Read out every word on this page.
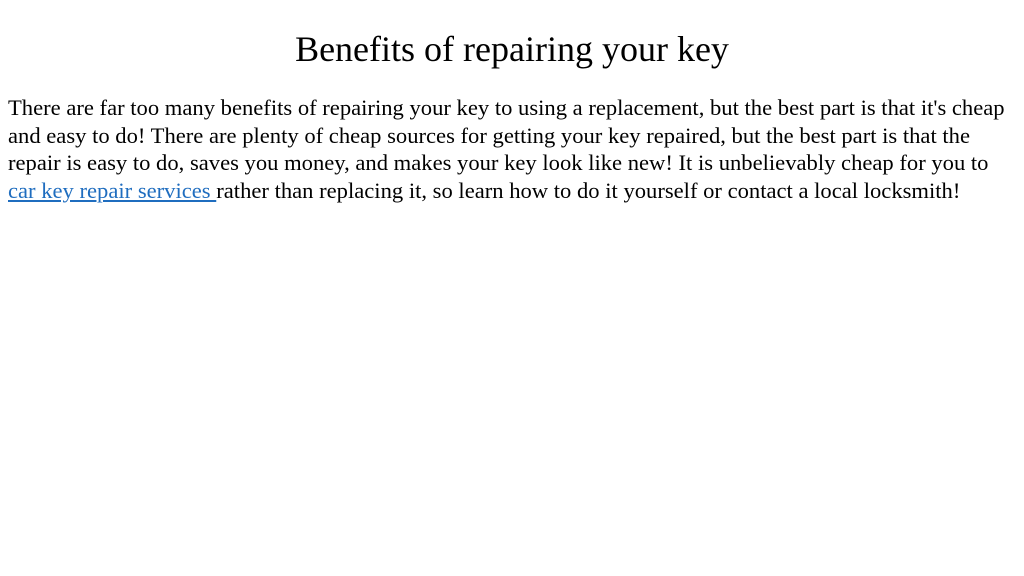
Benefits of repairing your key

There are far too many benefits of repairing your key to using a replacement, but the best part is that it's cheap and easy to do! There are plenty of cheap sources for getting your key repaired, but the best part is that the repair is easy to do, saves you money, and makes your key look like new! It is unbelievably cheap for you to car key repair services rather than replacing it, so learn how to do it yourself or contact a local locksmith!
